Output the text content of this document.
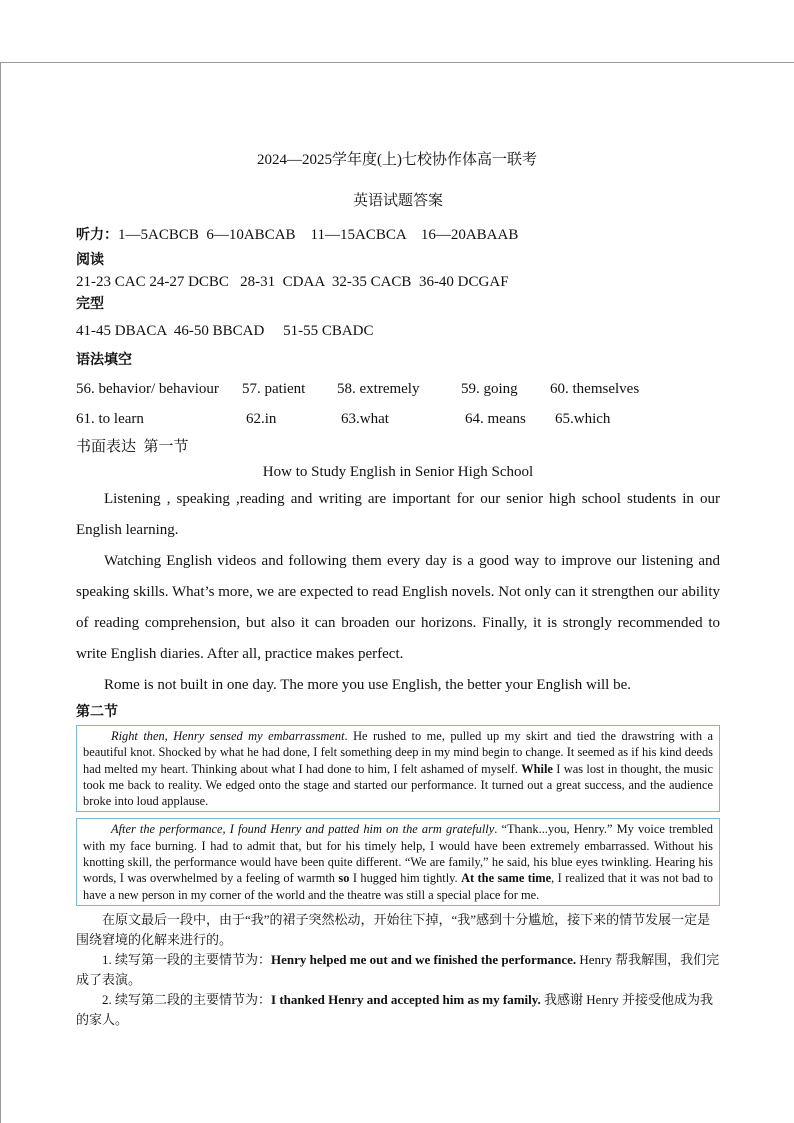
2024—2025学年度(上)七校协作体高一联考
英语试题答案
听力：1—5ACBCB  6—10ABCAB    11—15ACBCA    16—20ABAAB
阅读
21-23 CAC 24-27 DCBC   28-31  CDAA  32-35 CACB  36-40 DCGAF
完型
41-45 DBACA  46-50 BBCAD     51-55 CBADC
语法填空
56. behavior/ behaviour	57. patient	58. extremely	59. going	60. themselves
61. to learn	62.in	63.what	64. means	65.which
书面表达  第一节
How to Study English in Senior High School

Listening , speaking ,reading and writing are important for our senior high school students in our English learning.

Watching English videos and following them every day is a good way to improve our listening and speaking skills. What’s more, we are expected to read English novels. Not only can it strengthen our ability of reading comprehension, but also it can broaden our horizons. Finally, it is strongly recommended to write English diaries. After all, practice makes perfect.

Rome is not built in one day. The more you use English, the better your English will be.

第二节

Right then, Henry sensed my embarrassment. He rushed to me, pulled up my skirt and tied the drawstring with a beautiful knot. Shocked by what he had done, I felt something deep in my mind begin to change. It seemed as if his kind deeds had melted my heart. Thinking about what I had done to him, I felt ashamed of myself. While I was lost in thought, the music took me back to reality. We edged onto the stage and started our performance. It turned out a great success, and the audience broke into loud applause.

After the performance, I found Henry and patted him on the arm gratefully. “Thank...you, Henry.” My voice trembled with my face burning. I had to admit that, but for his timely help, I would have been extremely embarrassed. Without his knotting skill, the performance would have been quite different. “We are family,” he said, his blue eyes twinkling. Hearing his words, I was overwhelmed by a feeling of warmth so I hugged him tightly. At the same time, I realized that it was not bad to have a new person in my corner of the world and the theatre was still a special place for me.

在原文最后一段中，由于“我”的裙子突然松动，开始往下掉，“我”感到十分尴尬，接下来的情节发展一定是围绕窘境的化解来进行的。

1. 续写第一段的主要情节为：Henry helped me out and we finished the performance. Henry 帮我解围，我们完成了表演。

2. 续写第二段的主要情节为：I thanked Henry and accepted him as my family. 我感谢 Henry 并接受他成为我的家人。
